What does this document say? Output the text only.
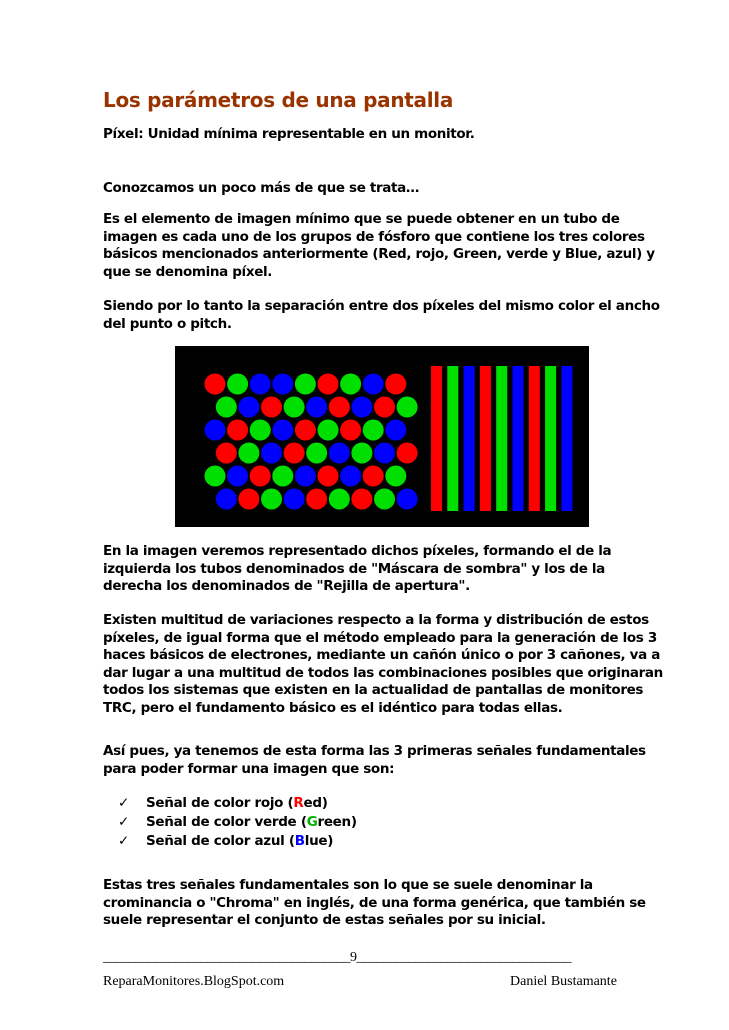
Los parámetros de una pantalla

Píxel: Unidad mínima representable en un monitor.

Conozcamos un poco más de que se trata…

Es el elemento de imagen mínimo que se puede obtener en un tubo de imagen es cada uno de los grupos de fósforo que contiene los tres colores básicos mencionados anteriormente (Red, rojo, Green, verde y Blue, azul) y que se denomina píxel.

Siendo por lo tanto la separación entre dos píxeles del mismo color el ancho del punto o pitch.

En la imagen veremos representado dichos píxeles, formando el de la izquierda los tubos denominados de "Máscara de sombra" y los de la derecha los denominados de "Rejilla de apertura".

Existen multitud de variaciones respecto a la forma y distribución de estos píxeles, de igual forma que el método empleado para la generación de los 3 haces básicos de electrones, mediante un cañón único o por 3 cañones, va a dar lugar a una multitud de todos las combinaciones posibles que originaran todos los sistemas que existen en la actualidad de pantallas de monitores TRC, pero el fundamento básico es el idéntico para todas ellas.

Así pues, ya tenemos de esta forma las 3 primeras señales fundamentales para poder formar una imagen que son:

✓ Señal de color rojo (Red)
✓ Señal de color verde (Green)
✓ Señal de color azul (Blue)

Estas tres señales fundamentales son lo que se suele denominar la crominancia o "Chroma" en inglés, de una forma genérica, que también se suele representar el conjunto de estas señales por su inicial.

______________________________________9_________________________________
ReparaMonitores.BlogSpot.com	Daniel Bustamante
